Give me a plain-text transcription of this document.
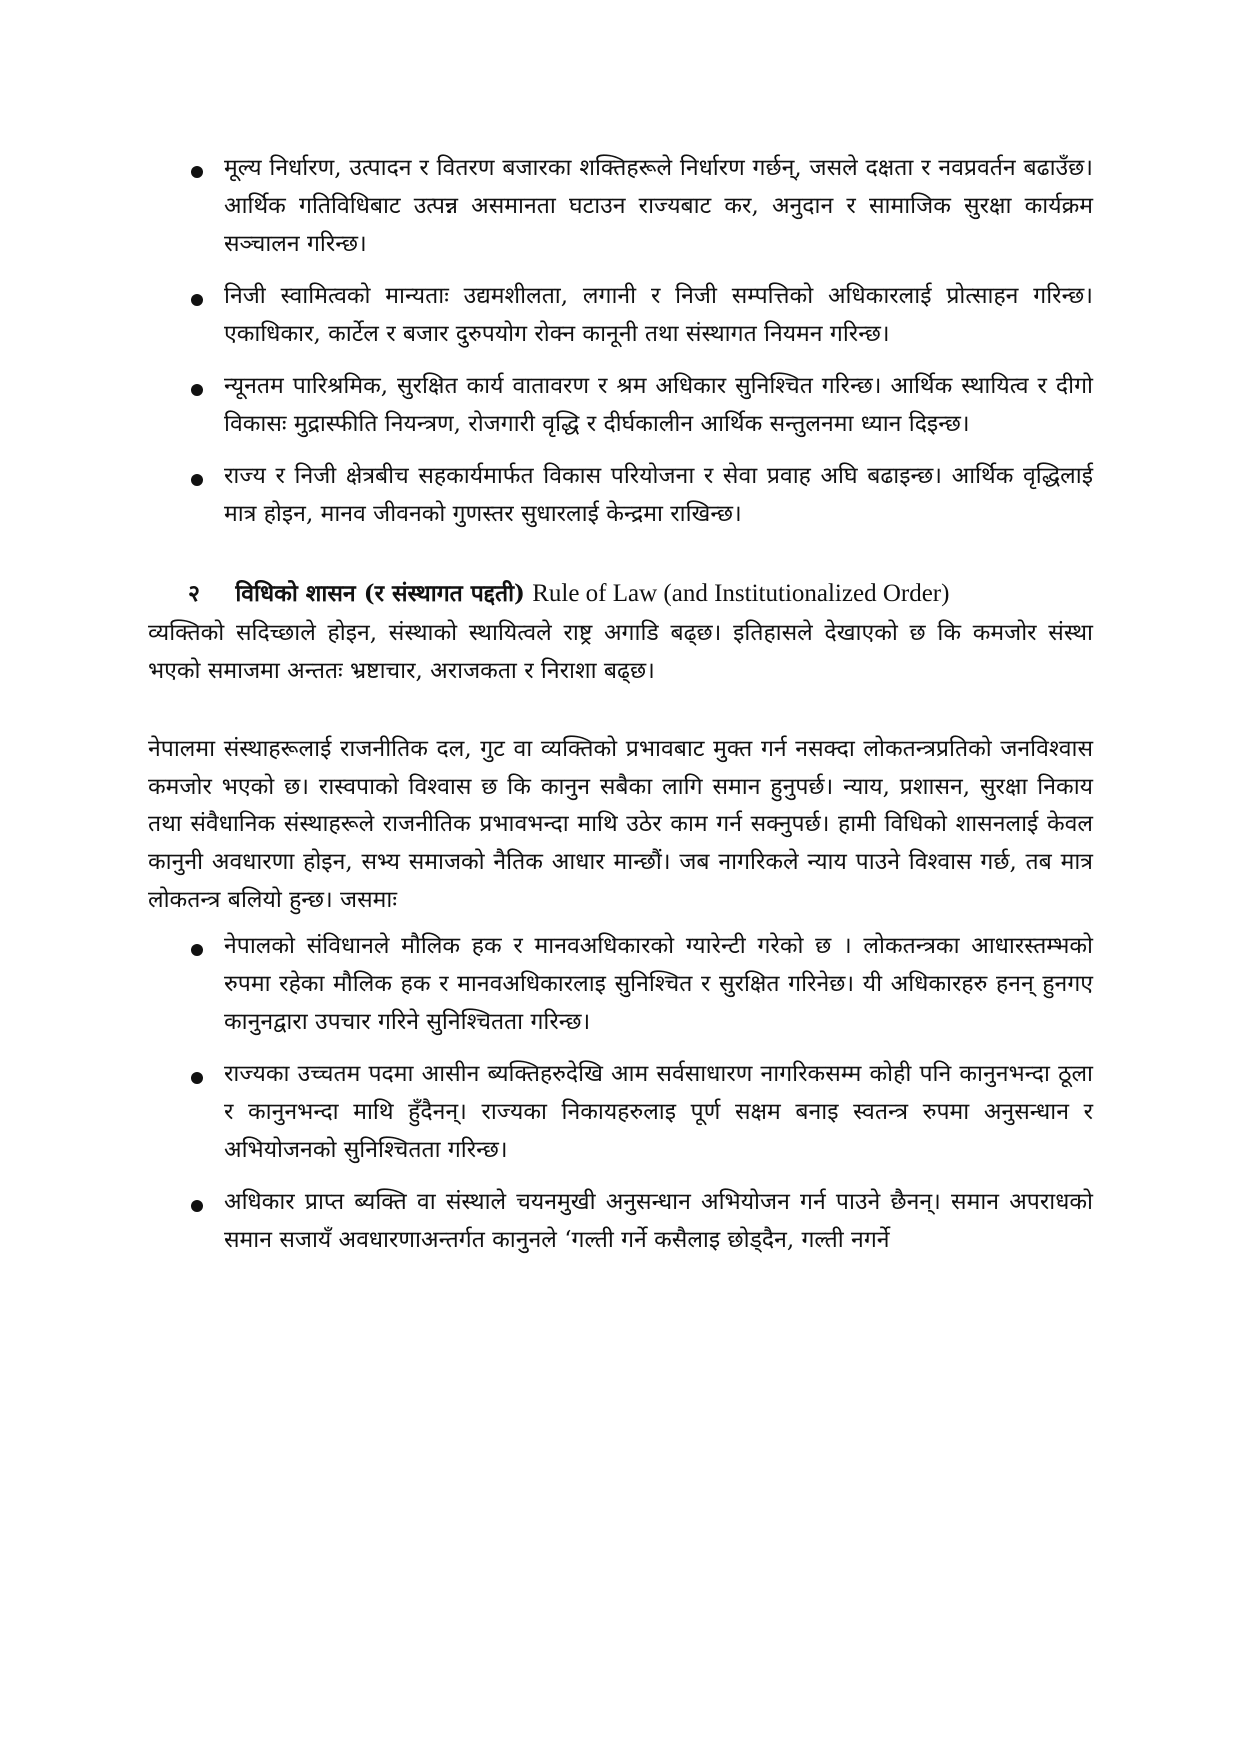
मूल्य निर्धारण, उत्पादन र वितरण बजारका शक्तिहरूले निर्धारण गर्छन्, जसले दक्षता र नवप्रवर्तन बढाउँछ। आर्थिक गतिविधिबाट उत्पन्न असमानता घटाउन राज्यबाट कर, अनुदान र सामाजिक सुरक्षा कार्यक्रम सञ्चालन गरिन्छ।
निजी स्वामित्वको मान्यताः उद्यमशीलता, लगानी र निजी सम्पत्तिको अधिकारलाई प्रोत्साहन गरिन्छ। एकाधिकार, कार्टेल र बजार दुरुपयोग रोक्न कानूनी तथा संस्थागत नियमन गरिन्छ।
न्यूनतम पारिश्रमिक, सुरक्षित कार्य वातावरण र श्रम अधिकार सुनिश्चित गरिन्छ। आर्थिक स्थायित्व र दीगो विकासः मुद्रास्फीति नियन्त्रण, रोजगारी वृद्धि र दीर्घकालीन आर्थिक सन्तुलनमा ध्यान दिइन्छ।
राज्य र निजी क्षेत्रबीच सहकार्यमार्फत विकास परियोजना र सेवा प्रवाह अघि बढाइन्छ। आर्थिक वृद्धिलाई मात्र होइन, मानव जीवनको गुणस्तर सुधारलाई केन्द्रमा राखिन्छ।

२ विधिको शासन (र संस्थागत पद्दती) Rule of Law (and Institutionalized Order)

व्यक्तिको सदिच्छाले होइन, संस्थाको स्थायित्वले राष्ट्र अगाडि बढ्छ। इतिहासले देखाएको छ कि कमजोर संस्था भएको समाजमा अन्ततः भ्रष्टाचार, अराजकता र निराशा बढ्छ।

नेपालमा संस्थाहरूलाई राजनीतिक दल, गुट वा व्यक्तिको प्रभावबाट मुक्त गर्न नसक्दा लोकतन्त्रप्रतिको जनविश्वास कमजोर भएको छ। रास्वपाको विश्वास छ कि कानुन सबैका लागि समान हुनुपर्छ। न्याय, प्रशासन, सुरक्षा निकाय तथा संवैधानिक संस्थाहरूले राजनीतिक प्रभावभन्दा माथि उठेर काम गर्न सक्नुपर्छ। हामी विधिको शासनलाई केवल कानुनी अवधारणा होइन, सभ्य समाजको नैतिक आधार मान्छौं। जब नागरिकले न्याय पाउने विश्वास गर्छ, तब मात्र लोकतन्त्र बलियो हुन्छ। जसमाः

नेपालको संविधानले मौलिक हक र मानवअधिकारको ग्यारेन्टी गरेको छ । लोकतन्त्रका आधारस्तम्भको रुपमा रहेका मौलिक हक र मानवअधिकारलाइ सुनिश्चित र सुरक्षित गरिनेछ। यी अधिकारहरु हनन् हुनगए कानुनद्वारा उपचार गरिने सुनिश्चितता गरिन्छ।
राज्यका उच्चतम पदमा आसीन ब्यक्तिहरुदेखि आम सर्वसाधारण नागरिकसम्म कोही पनि कानुनभन्दा ठूला र कानुनभन्दा माथि हुँदैनन्। राज्यका निकायहरुलाइ पूर्ण सक्षम बनाइ स्वतन्त्र रुपमा अनुसन्धान र अभियोजनको सुनिश्चितता गरिन्छ।
अधिकार प्राप्त ब्यक्ति वा संस्थाले चयनमुखी अनुसन्धान अभियोजन गर्न पाउने छैनन्। समान अपराधको समान सजायँ अवधारणाअन्तर्गत कानुनले ‘गल्ती गर्ने कसैलाइ छोड्दैन, गल्ती नगर्ने
